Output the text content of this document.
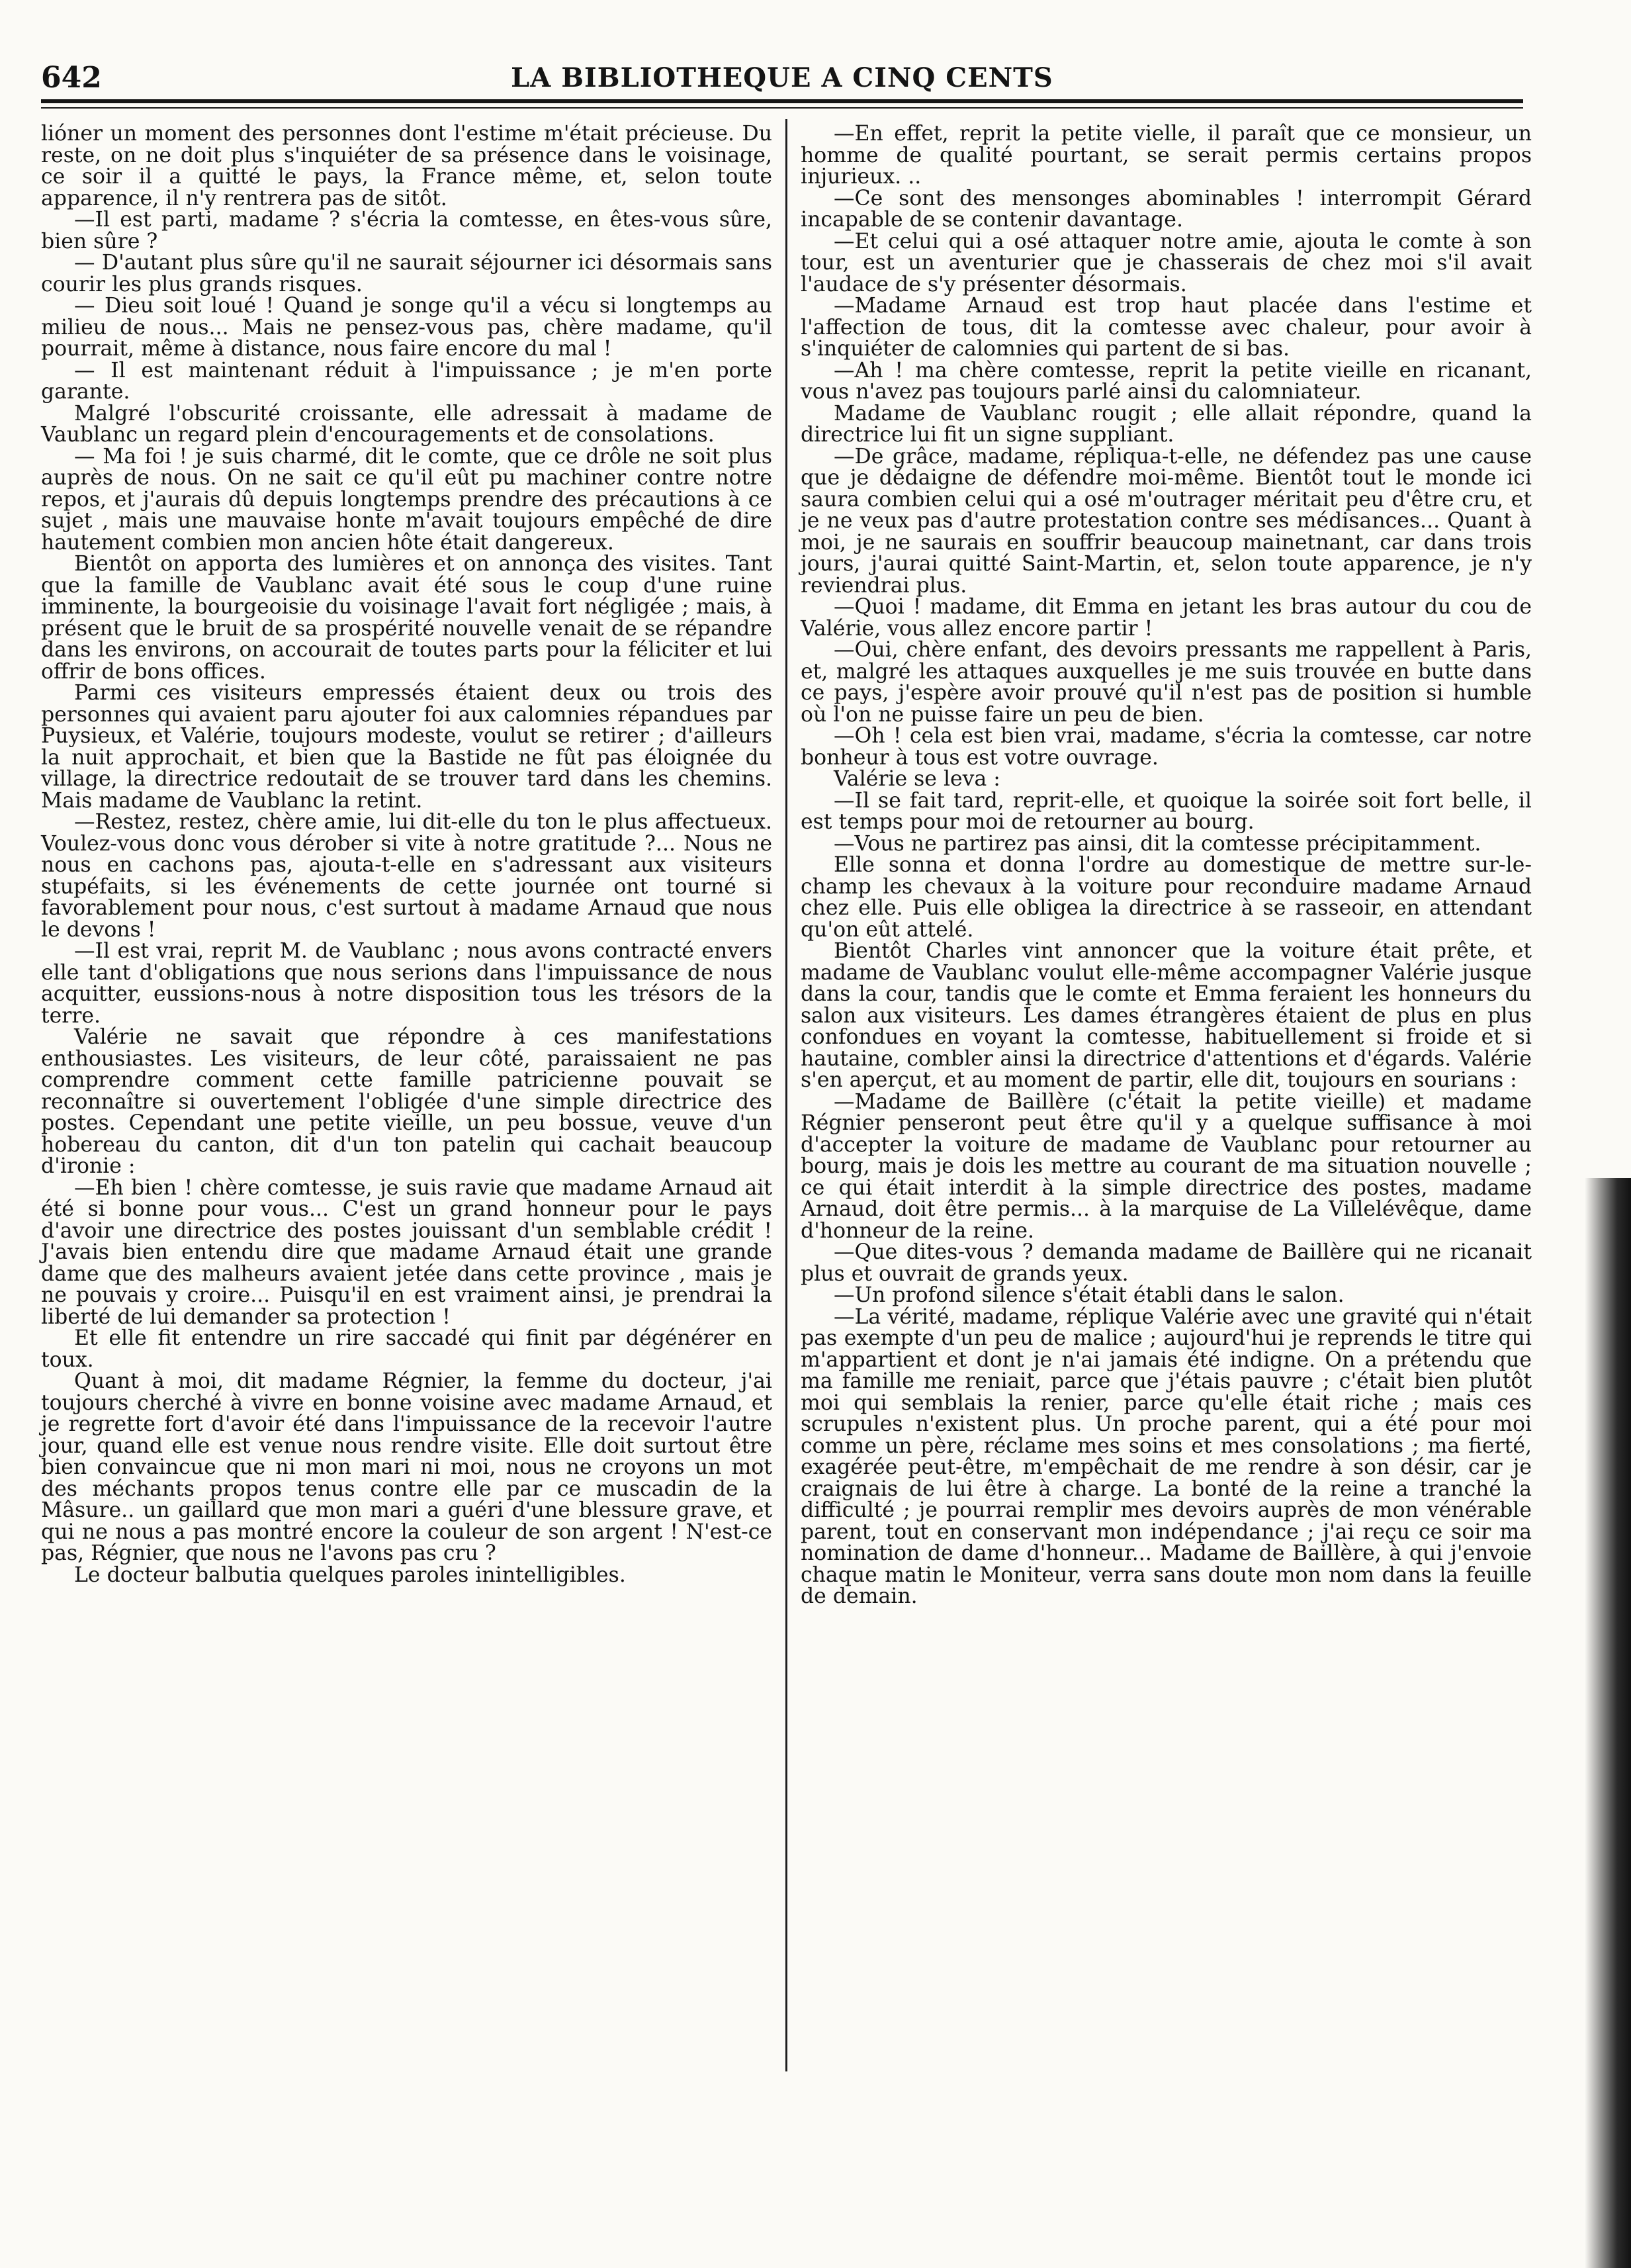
642	LA BIBLIOTHEQUE A CINQ CENTS

lióner un moment des personnes dont l'estime m'était précieuse. Du reste, on ne doit plus s'inquiéter de sa présence dans le voisinage, ce soir il a quitté le pays, la France même, et, selon toute apparence, il n'y rentrera pas de sitôt.

—Il est parti, madame ? s'écria la comtesse, en êtes-vous sûre, bien sûre ?

— D'autant plus sûre qu'il ne saurait séjourner ici désormais sans courir les plus grands risques.

— Dieu soit loué ! Quand je songe qu'il a vécu si longtemps au milieu de nous... Mais ne pensez-vous pas, chère madame, qu'il pourrait, même à distance, nous faire encore du mal !

— Il est maintenant réduit à l'impuissance ; je m'en porte garante.

Malgré l'obscurité croissante, elle adressait à madame de Vaublanc un regard plein d'encouragements et de consolations.

— Ma foi ! je suis charmé, dit le comte, que ce drôle ne soit plus auprès de nous. On ne sait ce qu'il eût pu machiner contre notre repos, et j'aurais dû depuis longtemps prendre des précautions à ce sujet , mais une mauvaise honte m'avait toujours empêché de dire hautement combien mon ancien hôte était dangereux.

Bientôt on apporta des lumières et on annonça des visites. Tant que la famille de Vaublanc avait été sous le coup d'une ruine imminente, la bourgeoisie du voisinage l'avait fort négligée ; mais, à présent que le bruit de sa prospérité nouvelle venait de se répandre dans les environs, on accourait de toutes parts pour la féliciter et lui offrir de bons offices.

Parmi ces visiteurs empressés étaient deux ou trois des personnes qui avaient paru ajouter foi aux calomnies répandues par Puysieux, et Valérie, toujours modeste, voulut se retirer ; d'ailleurs la nuit approchait, et bien que la Bastide ne fût pas éloignée du village, la directrice redoutait de se trouver tard dans les chemins. Mais madame de Vaublanc la retint.

—Restez, restez, chère amie, lui dit-elle du ton le plus affectueux. Voulez-vous donc vous dérober si vite à notre gratitude ?... Nous ne nous en cachons pas, ajouta-t-elle en s'adressant aux visiteurs stupéfaits, si les événements de cette journée ont tourné si favorablement pour nous, c'est surtout à madame Arnaud que nous le devons !

—Il est vrai, reprit M. de Vaublanc ; nous avons contracté envers elle tant d'obligations que nous serions dans l'impuissance de nous acquitter, eussions-nous à notre disposition tous les trésors de la terre.

Valérie ne savait que répondre à ces manifestations enthousiastes. Les visiteurs, de leur côté, paraissaient ne pas comprendre comment cette famille patricienne pouvait se reconnaître si ouvertement l'obligée d'une simple directrice des postes. Cependant une petite vieille, un peu bossue, veuve d'un hobereau du canton, dit d'un ton patelin qui cachait beaucoup d'ironie :

—Eh bien ! chère comtesse, je suis ravie que madame Arnaud ait été si bonne pour vous... C'est un grand honneur pour le pays d'avoir une directrice des postes jouissant d'un semblable crédit ! J'avais bien entendu dire que madame Arnaud était une grande dame que des malheurs avaient jetée dans cette province , mais je ne pouvais y croire... Puisqu'il en est vraiment ainsi, je prendrai la liberté de lui demander sa protection !

Et elle fit entendre un rire saccadé qui finit par dégénérer en toux.

Quant à moi, dit madame Régnier, la femme du docteur, j'ai toujours cherché à vivre en bonne voisine avec madame Arnaud, et je regrette fort d'avoir été dans l'impuissance de la recevoir l'autre jour, quand elle est venue nous rendre visite. Elle doit surtout être bien convaincue que ni mon mari ni moi, nous ne croyons un mot des méchants propos tenus contre elle par ce muscadin de la Mâsure.. un gaillard que mon mari a guéri d'une blessure grave, et qui ne nous a pas montré encore la couleur de son argent ! N'est-ce pas, Régnier, que nous ne l'avons pas cru ?

Le docteur balbutia quelques paroles inintelligibles.

—En effet, reprit la petite vielle, il paraît que ce monsieur, un homme de qualité pourtant, se serait permis certains propos injurieux. ..

—Ce sont des mensonges abominables ! interrompit Gérard incapable de se contenir davantage.

—Et celui qui a osé attaquer notre amie, ajouta le comte à son tour, est un aventurier que je chasserais de chez moi s'il avait l'audace de s'y présenter désormais.

—Madame Arnaud est trop haut placée dans l'estime et l'affection de tous, dit la comtesse avec chaleur, pour avoir à s'inquiéter de calomnies qui partent de si bas.

—Ah ! ma chère comtesse, reprit la petite vieille en ricanant, vous n'avez pas toujours parlé ainsi du calomniateur.

Madame de Vaublanc rougit ; elle allait répondre, quand la directrice lui fit un signe suppliant.

—De grâce, madame, répliqua-t-elle, ne défendez pas une cause que je dédaigne de défendre moi-même. Bientôt tout le monde ici saura combien celui qui a osé m'outrager méritait peu d'être cru, et je ne veux pas d'autre protestation contre ses médisances... Quant à moi, je ne saurais en souffrir beaucoup mainetnant, car dans trois jours, j'aurai quitté Saint-Martin, et, selon toute apparence, je n'y reviendrai plus.

—Quoi ! madame, dit Emma en jetant les bras autour du cou de Valérie, vous allez encore partir !

—Oui, chère enfant, des devoirs pressants me rappellent à Paris, et, malgré les attaques auxquelles je me suis trouvée en butte dans ce pays, j'espère avoir prouvé qu'il n'est pas de position si humble où l'on ne puisse faire un peu de bien.

—Oh ! cela est bien vrai, madame, s'écria la comtesse, car notre bonheur à tous est votre ouvrage.

Valérie se leva :

—Il se fait tard, reprit-elle, et quoique la soirée soit fort belle, il est temps pour moi de retourner au bourg.

—Vous ne partirez pas ainsi, dit la comtesse précipitamment.

Elle sonna et donna l'ordre au domestique de mettre sur-le-champ les chevaux à la voiture pour reconduire madame Arnaud chez elle. Puis elle obligea la directrice à se rasseoir, en attendant qu'on eût attelé.

Bientôt Charles vint annoncer que la voiture était prête, et madame de Vaublanc voulut elle-même accompagner Valérie jusque dans la cour, tandis que le comte et Emma feraient les honneurs du salon aux visiteurs. Les dames étrangères étaient de plus en plus confondues en voyant la comtesse, habituellement si froide et si hautaine, combler ainsi la directrice d'attentions et d'égards. Valérie s'en aperçut, et au moment de partir, elle dit, toujours en sourians :

—Madame de Baillère (c'était la petite vieille) et madame Régnier penseront peut être qu'il y a quelque suffisance à moi d'accepter la voiture de madame de Vaublanc pour retourner au bourg, mais je dois les mettre au courant de ma situation nouvelle ; ce qui était interdit à la simple directrice des postes, madame Arnaud, doit être permis... à la marquise de La Villelévêque, dame d'honneur de la reine.

—Que dites-vous ? demanda madame de Baillère qui ne ricanait plus et ouvrait de grands yeux.

—Un profond silence s'était établi dans le salon.

—La vérité, madame, réplique Valérie avec une gravité qui n'était pas exempte d'un peu de malice ; aujourd'hui je reprends le titre qui m'appartient et dont je n'ai jamais été indigne. On a prétendu que ma famille me reniait, parce que j'étais pauvre ; c'était bien plutôt moi qui semblais la renier, parce qu'elle était riche ; mais ces scrupules n'existent plus. Un proche parent, qui a été pour moi comme un père, réclame mes soins et mes consolations ; ma fierté, exagérée peut-être, m'empêchait de me rendre à son désir, car je craignais de lui être à charge. La bonté de la reine a tranché la difficulté ; je pourrai remplir mes devoirs auprès de mon vénérable parent, tout en conservant mon indépendance ; j'ai reçu ce soir ma nomination de dame d'honneur... Madame de Baillère, à qui j'envoie chaque matin le Moniteur, verra sans doute mon nom dans la feuille de demain.
